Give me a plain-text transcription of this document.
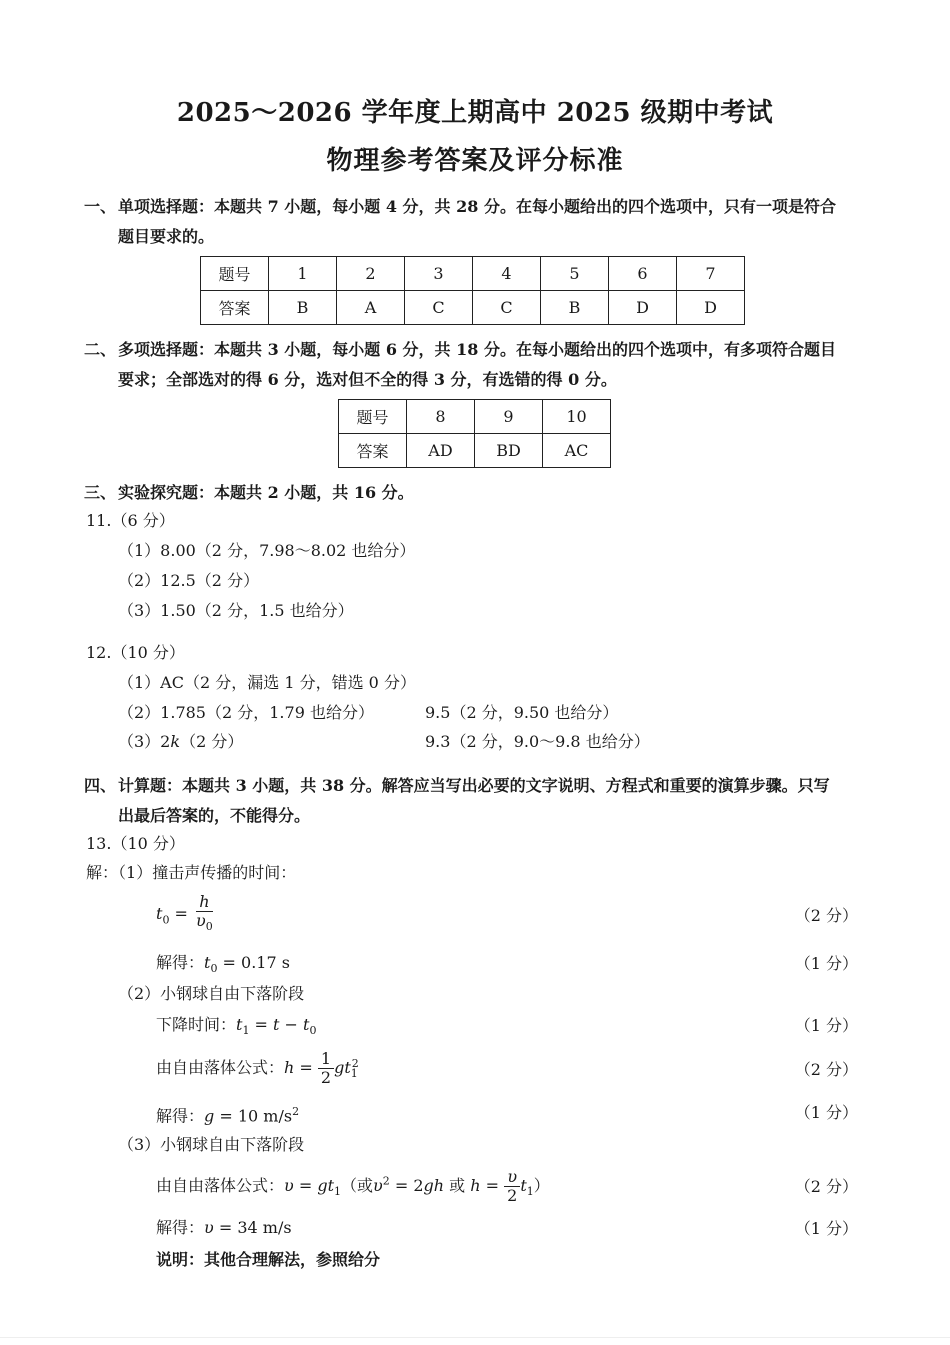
2025～2026 学年度上期高中 2025 级期中考试
物理参考答案及评分标准
一、 单项选择题：本题共 7 小题，每小题 4 分，共 28 分。在每小题给出的四个选项中，只有一项是符合
题目要求的。
题号	1	2	3	4	5	6	7
答案	B	A	C	C	B	D	D
二、 多项选择题：本题共 3 小题，每小题 6 分，共 18 分。在每小题给出的四个选项中，有多项符合题目
要求；全部选对的得 6 分，选对但不全的得 3 分，有选错的得 0 分。
题号	8	9	10
答案	AD	BD	AC
三、 实验探究题：本题共 2 小题，共 16 分。
11.（6 分）
（1）8.00（2 分，7.98～8.02 也给分）
（2）12.5（2 分）
（3）1.50（2 分，1.5 也给分）
12.（10 分）
（1）AC（2 分，漏选 1 分，错选 0 分）
（2）1.785（2 分，1.79 也给分）	9.5（2 分，9.50 也给分）
（3）2k（2 分）	9.3（2 分，9.0～9.8 也给分）
四、 计算题：本题共 3 小题，共 38 分。解答应当写出必要的文字说明、方程式和重要的演算步骤。只写
出最后答案的，不能得分。
13.（10 分）
解：（1）撞击声传播的时间：
$t_0 = \frac{h}{\upsilon_0}$	（2 分）
解得：$t_0 = 0.17$ s	（1 分）
（2）小钢球自由下落阶段
下降时间：$t_1 = t - t_0$	（1 分）
由自由落体公式：$h = \frac{1}{2} gt_1^2$	（2 分）
解得：g = 10 $m/s^2$	（1 分）
（3）小钢球自由下落阶段
由自由落体公式：$\upsilon = gt_1$（或$\upsilon^2 = 2gh$ 或 $h = \frac{\upsilon}{2} t_1$）	（2 分）
解得：υ = 34 m/s	（1 分）
说明：其他合理解法，参照给分
